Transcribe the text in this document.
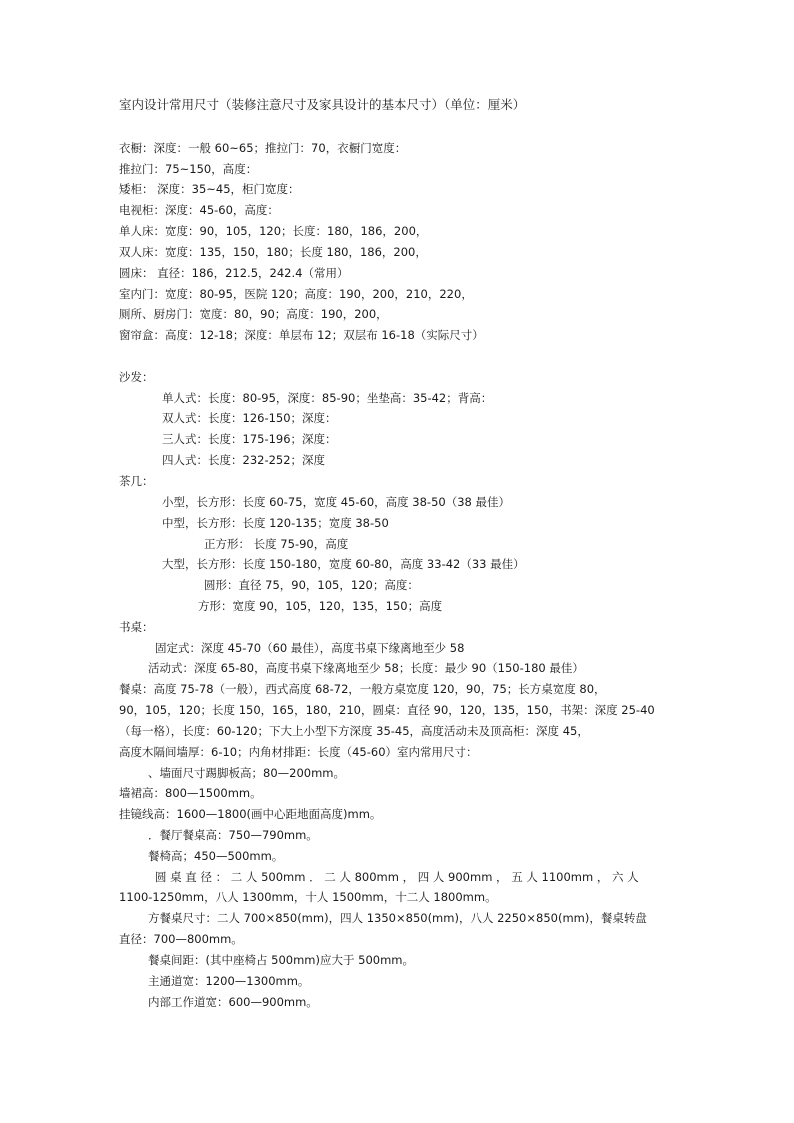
室内设计常用尺寸（装修注意尺寸及家具设计的基本尺寸）（单位：厘米）
衣橱：深度：一般 60~65；推拉门：70，衣橱门宽度：
推拉门：75~150，高度：
矮柜： 深度：35~45，柜门宽度：
电视柜：深度：45-60，高度：
单人床：宽度：90，105，120；长度：180，186，200，
双人床：宽度：135，150，180；长度 180，186，200，
圆床： 直径：186，212.5，242.4（常用）
室内门：宽度：80-95，医院 120；高度：190，200，210，220，
厕所、厨房门：宽度：80，90；高度：190，200，
窗帘盒：高度：12-18；深度：单层布 12；双层布 16-18（实际尺寸）
沙发：
单人式：长度：80-95，深度：85-90；坐垫高：35-42；背高：
双人式：长度：126-150；深度：
三人式：长度：175-196；深度：
四人式：长度：232-252；深度
茶几：
小型，长方形：长度 60-75，宽度 45-60，高度 38-50（38 最佳）
中型，长方形：长度 120-135；宽度 38-50
正方形： 长度 75-90，高度
大型，长方形：长度 150-180，宽度 60-80，高度 33-42（33 最佳）
圆形：直径 75，90，105，120；高度：
方形：宽度 90，105，120，135，150；高度
书桌：
固定式：深度 45-70（60 最佳），高度书桌下缘离地至少 58
活动式：深度 65-80，高度书桌下缘离地至少 58；长度：最少 90（150-180 最佳）
餐桌：高度 75-78（一般），西式高度 68-72，一般方桌宽度 120，90，75；长方桌宽度 80，
90，105，120；长度 150，165，180，210，圆桌：直径 90，120，135，150，书架：深度 25-40
（每一格），长度：60-120；下大上小型下方深度 35-45，高度活动未及顶高柜：深度 45，
高度木隔间墙厚：6-10；内角材排距：长度（45-60）室内常用尺寸：
、墙面尺寸踢脚板高；80—200mm。
墙裙高：800—1500mm。
挂镜线高：1600—1800(画中心距地面高度)mm。
．餐厅餐桌高：750—790mm。
餐椅高；450—500mm。
圆 桌 直 径 ： 二 人 500mm ． 二 人 800mm ， 四 人 900mm ， 五 人 1100mm ， 六 人
1100-1250mm，八人 1300mm，十人 1500mm，十二人 1800mm。
方餐桌尺寸：二人 700×850(mm)，四人 1350×850(mm)，八人 2250×850(mm)，餐桌转盘
直径：700—800mm。
餐桌间距：(其中座椅占 500mm)应大于 500mm。
主通道宽：1200—1300mm。
内部工作道宽：600—900mm。
